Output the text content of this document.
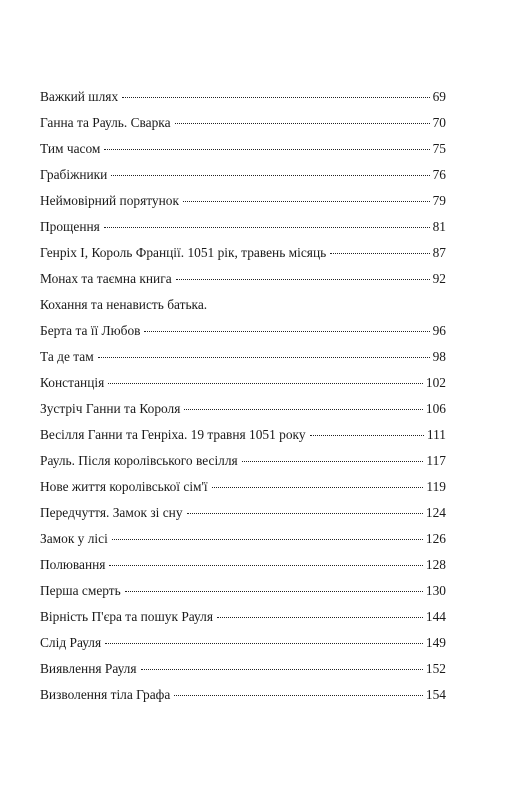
Важкий шлях	69
Ганна та Рауль. Сварка	70
Тим часом	75
Грабіжники	76
Неймовірний порятунок	79
Прощення	81
Генріх І, Король Франції. 1051 рік, травень місяць	87
Монах та таємна книга	92
Кохання та ненависть батька.
Берта та її Любов	96
Та де там	98
Констанція	102
Зустріч Ганни та Короля	106
Весілля Ганни та Генріха. 19 травня 1051 року	111
Рауль. Після королівського весілля	117
Нове життя королівської сім'ї	119
Передчуття. Замок зі сну	124
Замок у лісі	126
Полювання	128
Перша смерть	130
Вірність П'єра та пошук Рауля	144
Слід Рауля	149
Виявлення Рауля	152
Визволення тіла Графа	154
